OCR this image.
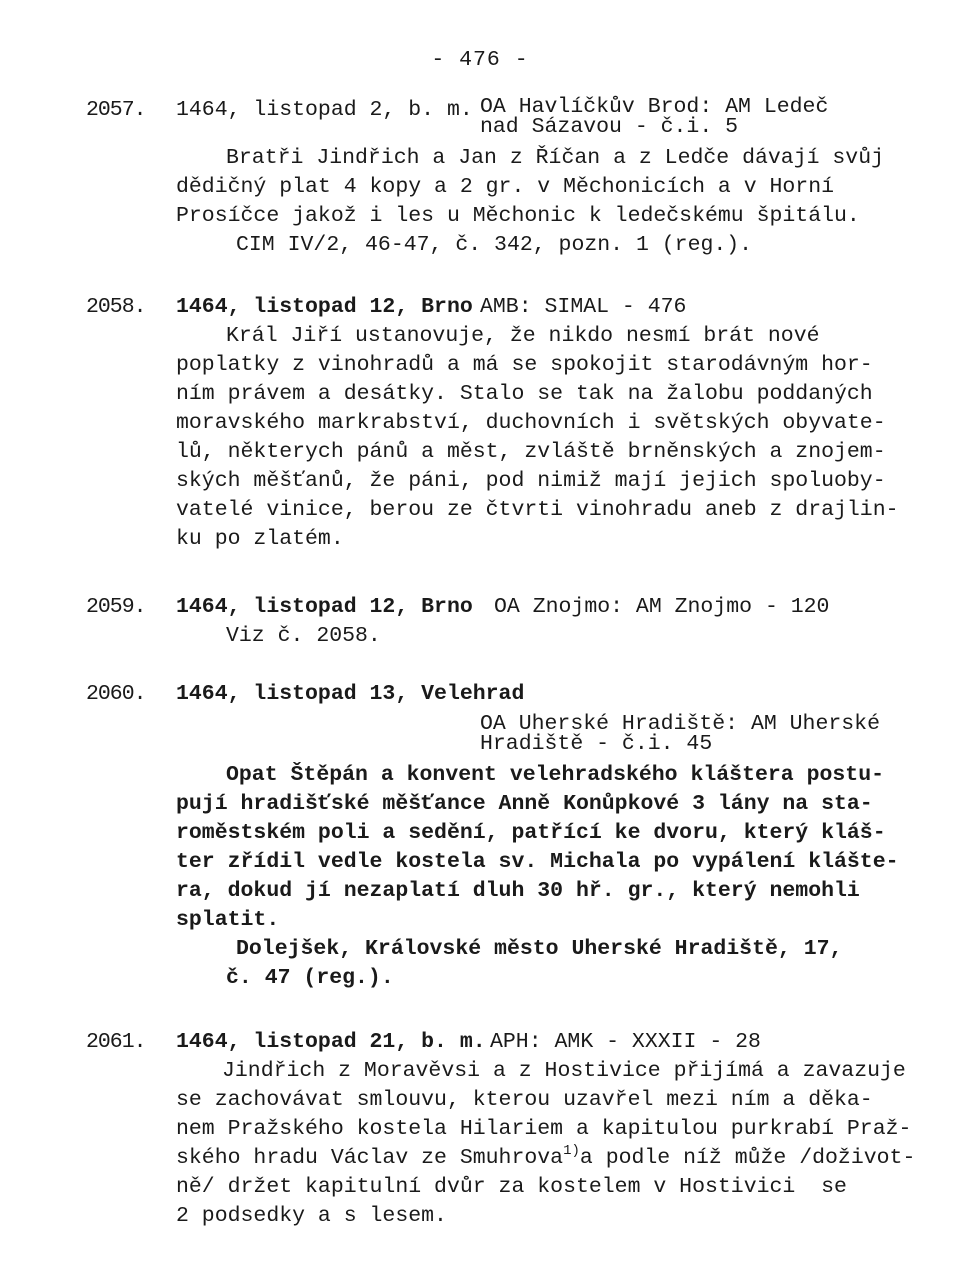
- 476 -
2057. 1464, listopad 2, b. m. OA Havlíčkův Brod: AM Ledeč
nad Sázavou - č.i. 5
Bratři Jindřich a Jan z Říčan a z Ledče dávají svůj
dědičný plat 4 kopy a 2 gr. v Měchonicích a v Horní
Prosíčce jakož i les u Měchonic k ledečskému špitálu.
CIM IV/2, 46-47, č. 342, pozn. 1 (reg.).
2058. 1464, listopad 12, Brno AMB: SIMAL - 476
Král Jiří ustanovuje, že nikdo nesmí brát nové
poplatky z vinohradů a má se spokojit starodávným hor-
ním právem a desátky. Stalo se tak na žalobu poddaných
moravského markrabství, duchovních i světských obyvate-
lů, některych pánů a měst, zvláště brněnských a znojem-
ských měšťanů, že páni, pod nimiž mají jejich spoluoby-
vatelé vinice, berou ze čtvrti vinohradu aneb z drajlin-
ku po zlatém.
2059. 1464, listopad 12, Brno OA Znojmo: AM Znojmo - 120
Viz č. 2058.
2060. 1464, listopad 13, Velehrad
OA Uherské Hradiště: AM Uherské
Hradiště - č.i. 45
Opat Štěpán a konvent velehradského kláštera postu-
pují hradišťské měšťance Anně Konůpkové 3 lány na sta-
roměstském poli a sedění, patřící ke dvoru, který kláš-
ter zřídil vedle kostela sv. Michala po vypálení klášte-
ra, dokud jí nezaplatí dluh 30 hř. gr., který nemohli
splatit.
Dolejšek, Královské město Uherské Hradiště, 17,
č. 47 (reg.).
2061. 1464, listopad 21, b. m. APH: AMK - XXXII - 28
Jindřich z Moravěvsi a z Hostivice přijímá a zavazuje
se zachovávat smlouvu, kterou uzavřel mezi ním a děka-
nem Pražského kostela Hilariem a kapitulou purkrabí Praž-
ského hradu Václav ze Smuhrova$^{1)}$a podle níž může /doživot-
ně/ držet kapitulní dvůr za kostelem v Hostivici  se
2 podsedky a s lesem.
